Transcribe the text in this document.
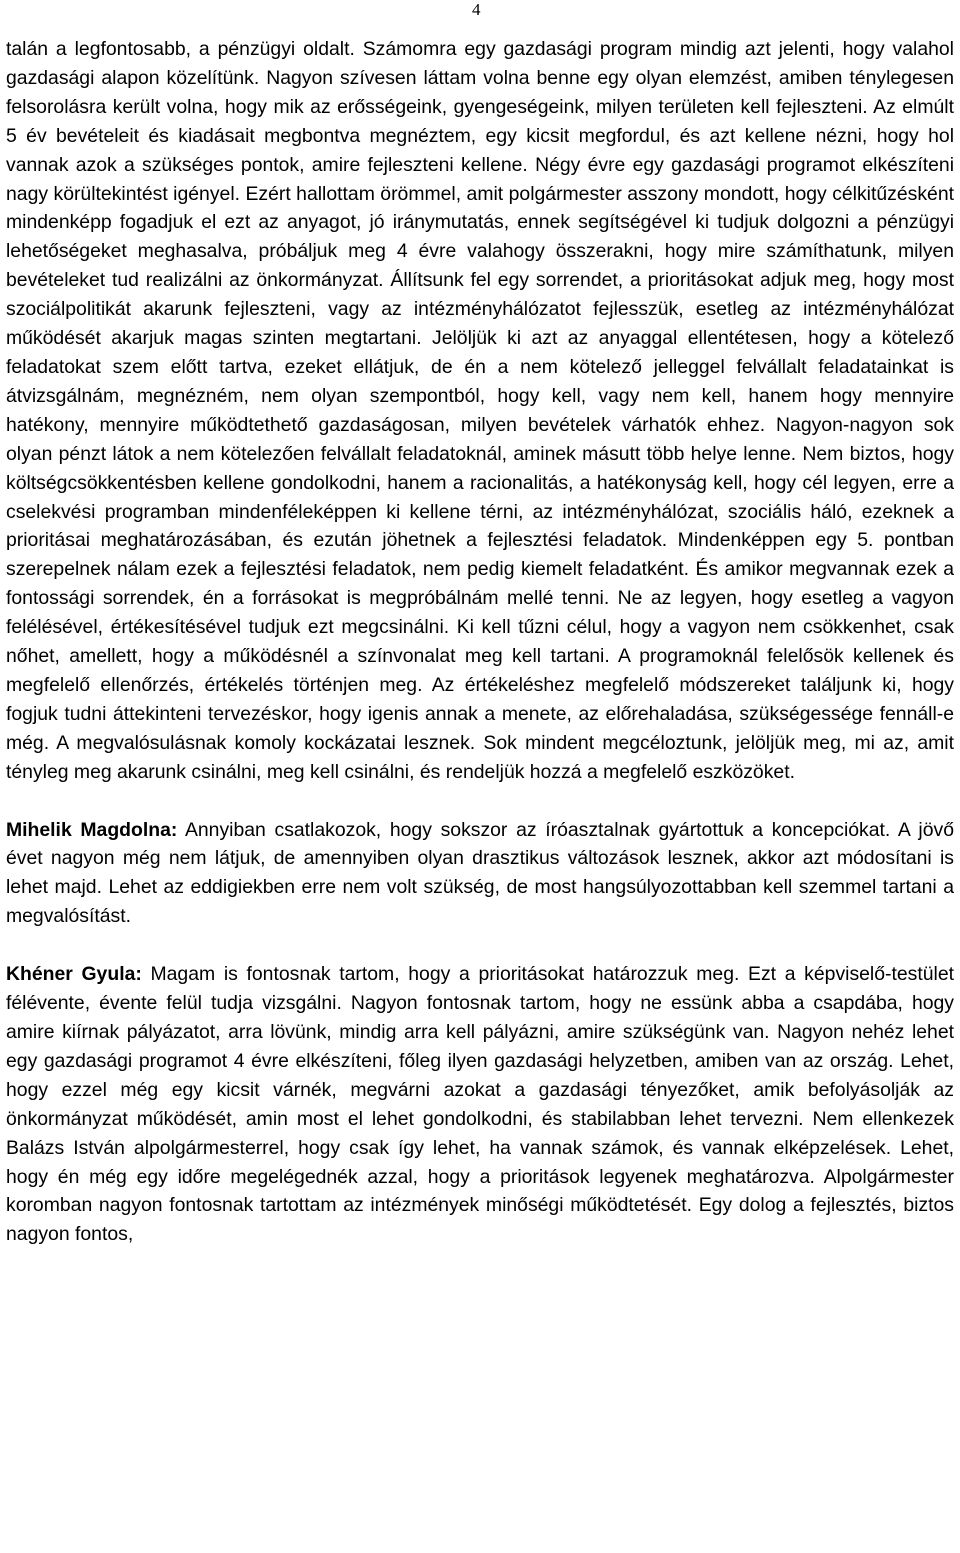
4

talán a legfontosabb, a pénzügyi oldalt. Számomra egy gazdasági program mindig azt jelenti, hogy valahol gazdasági alapon közelítünk. Nagyon szívesen láttam volna benne egy olyan elemzést, amiben ténylegesen felsorolásra került volna, hogy mik az erősségeink, gyengeségeink, milyen területen kell fejleszteni. Az elmúlt 5 év bevételeit és kiadásait megbontva megnéztem, egy kicsit megfordul, és azt kellene nézni, hogy hol vannak azok a szükséges pontok, amire fejleszteni kellene. Négy évre egy gazdasági programot elkészíteni nagy körültekintést igényel. Ezért hallottam örömmel, amit polgármester asszony mondott, hogy célkitűzésként mindenképp fogadjuk el ezt az anyagot, jó iránymutatás, ennek segítségével ki tudjuk dolgozni a pénzügyi lehetőségeket meghasalva, próbáljuk meg 4 évre valahogy összerakni, hogy mire számíthatunk, milyen bevételeket tud realizálni az önkormányzat. Állítsunk fel egy sorrendet, a prioritásokat adjuk meg, hogy most szociálpolitikát akarunk fejleszteni, vagy az intézményhálózatot fejlesszük, esetleg az intézményhálózat működését akarjuk magas szinten megtartani. Jelöljük ki azt az anyaggal ellentétesen, hogy a kötelező feladatokat szem előtt tartva, ezeket ellátjuk, de én a nem kötelező jelleggel felvállalt feladatainkat is átvizsgálnám, megnézném, nem olyan szempontból, hogy kell, vagy nem kell, hanem hogy mennyire hatékony, mennyire működtethető gazdaságosan, milyen bevételek várhatók ehhez. Nagyon-nagyon sok olyan pénzt látok a nem kötelezően felvállalt feladatoknál, aminek másutt több helye lenne. Nem biztos, hogy költségcsökkentésben kellene gondolkodni, hanem a racionalitás, a hatékonyság kell, hogy cél legyen, erre a cselekvési programban mindenféleképpen ki kellene térni, az intézményhálózat, szociális háló, ezeknek a prioritásai meghatározásában, és ezután jöhetnek a fejlesztési feladatok. Mindenképpen egy 5. pontban szerepelnek nálam ezek a fejlesztési feladatok, nem pedig kiemelt feladatként. És amikor megvannak ezek a fontossági sorrendek, én a forrásokat is megpróbálnám mellé tenni. Ne az legyen, hogy esetleg a vagyon felélésével, értékesítésével tudjuk ezt megcsinálni. Ki kell tűzni célul, hogy a vagyon nem csökkenhet, csak nőhet, amellett, hogy a működésnél a színvonalat meg kell tartani. A programoknál felelősök kellenek és megfelelő ellenőrzés, értékelés történjen meg. Az értékeléshez megfelelő módszereket találjunk ki, hogy fogjuk tudni áttekinteni tervezéskor, hogy igenis annak a menete, az előrehaladása, szükségessége fennáll-e még. A megvalósulásnak komoly kockázatai lesznek. Sok mindent megcéloztunk, jelöljük meg, mi az, amit tényleg meg akarunk csinálni, meg kell csinálni, és rendeljük hozzá a megfelelő eszközöket.

Mihelik Magdolna: Annyiban csatlakozok, hogy sokszor az íróasztalnak gyártottuk a koncepciókat. A jövő évet nagyon még nem látjuk, de amennyiben olyan drasztikus változások lesznek, akkor azt módosítani is lehet majd. Lehet az eddigiekben erre nem volt szükség, de most hangsúlyozottabban kell szemmel tartani a megvalósítást.

Khéner Gyula: Magam is fontosnak tartom, hogy a prioritásokat határozzuk meg. Ezt a képviselő-testület félévente, évente felül tudja vizsgálni. Nagyon fontosnak tartom, hogy ne essünk abba a csapdába, hogy amire kiírnak pályázatot, arra lövünk, mindig arra kell pályázni, amire szükségünk van. Nagyon nehéz lehet egy gazdasági programot 4 évre elkészíteni, főleg ilyen gazdasági helyzetben, amiben van az ország. Lehet, hogy ezzel még egy kicsit várnék, megvárni azokat a gazdasági tényezőket, amik befolyásolják az önkormányzat működését, amin most el lehet gondolkodni, és stabilabban lehet tervezni. Nem ellenkezek Balázs István alpolgármesterrel, hogy csak így lehet, ha vannak számok, és vannak elképzelések. Lehet, hogy én még egy időre megelégednék azzal, hogy a prioritások legyenek meghatározva. Alpolgármester koromban nagyon fontosnak tartottam az intézmények minőségi működtetését. Egy dolog a fejlesztés, biztos nagyon fontos,
